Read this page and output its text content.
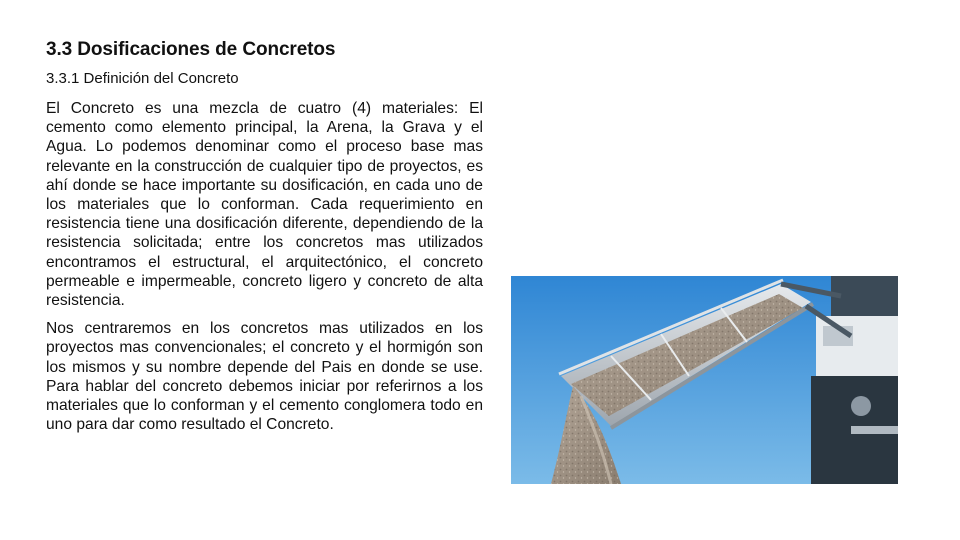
3.3 Dosificaciones de Concretos
3.3.1 Definición del Concreto

El Concreto es una mezcla de cuatro (4) materiales: El cemento como elemento principal, la Arena, la Grava y el Agua. Lo podemos denominar como el proceso base mas relevante en la construcción de cualquier tipo de proyectos, es ahí donde se hace importante su dosificación, en cada uno de los materiales que lo conforman. Cada requerimiento en resistencia tiene una dosificación diferente, dependiendo de la resistencia solicitada; entre los concretos mas utilizados encontramos el estructural, el arquitectónico, el concreto permeable e impermeable, concreto ligero y concreto de alta resistencia.

Nos centraremos en los concretos mas utilizados en los proyectos mas convencionales; el concreto y el hormigón son los mismos y su nombre depende del Pais en donde se use. Para hablar del concreto debemos iniciar por referirnos a los materiales que lo conforman y el cemento conglomera todo en uno para dar como resultado el Concreto.
